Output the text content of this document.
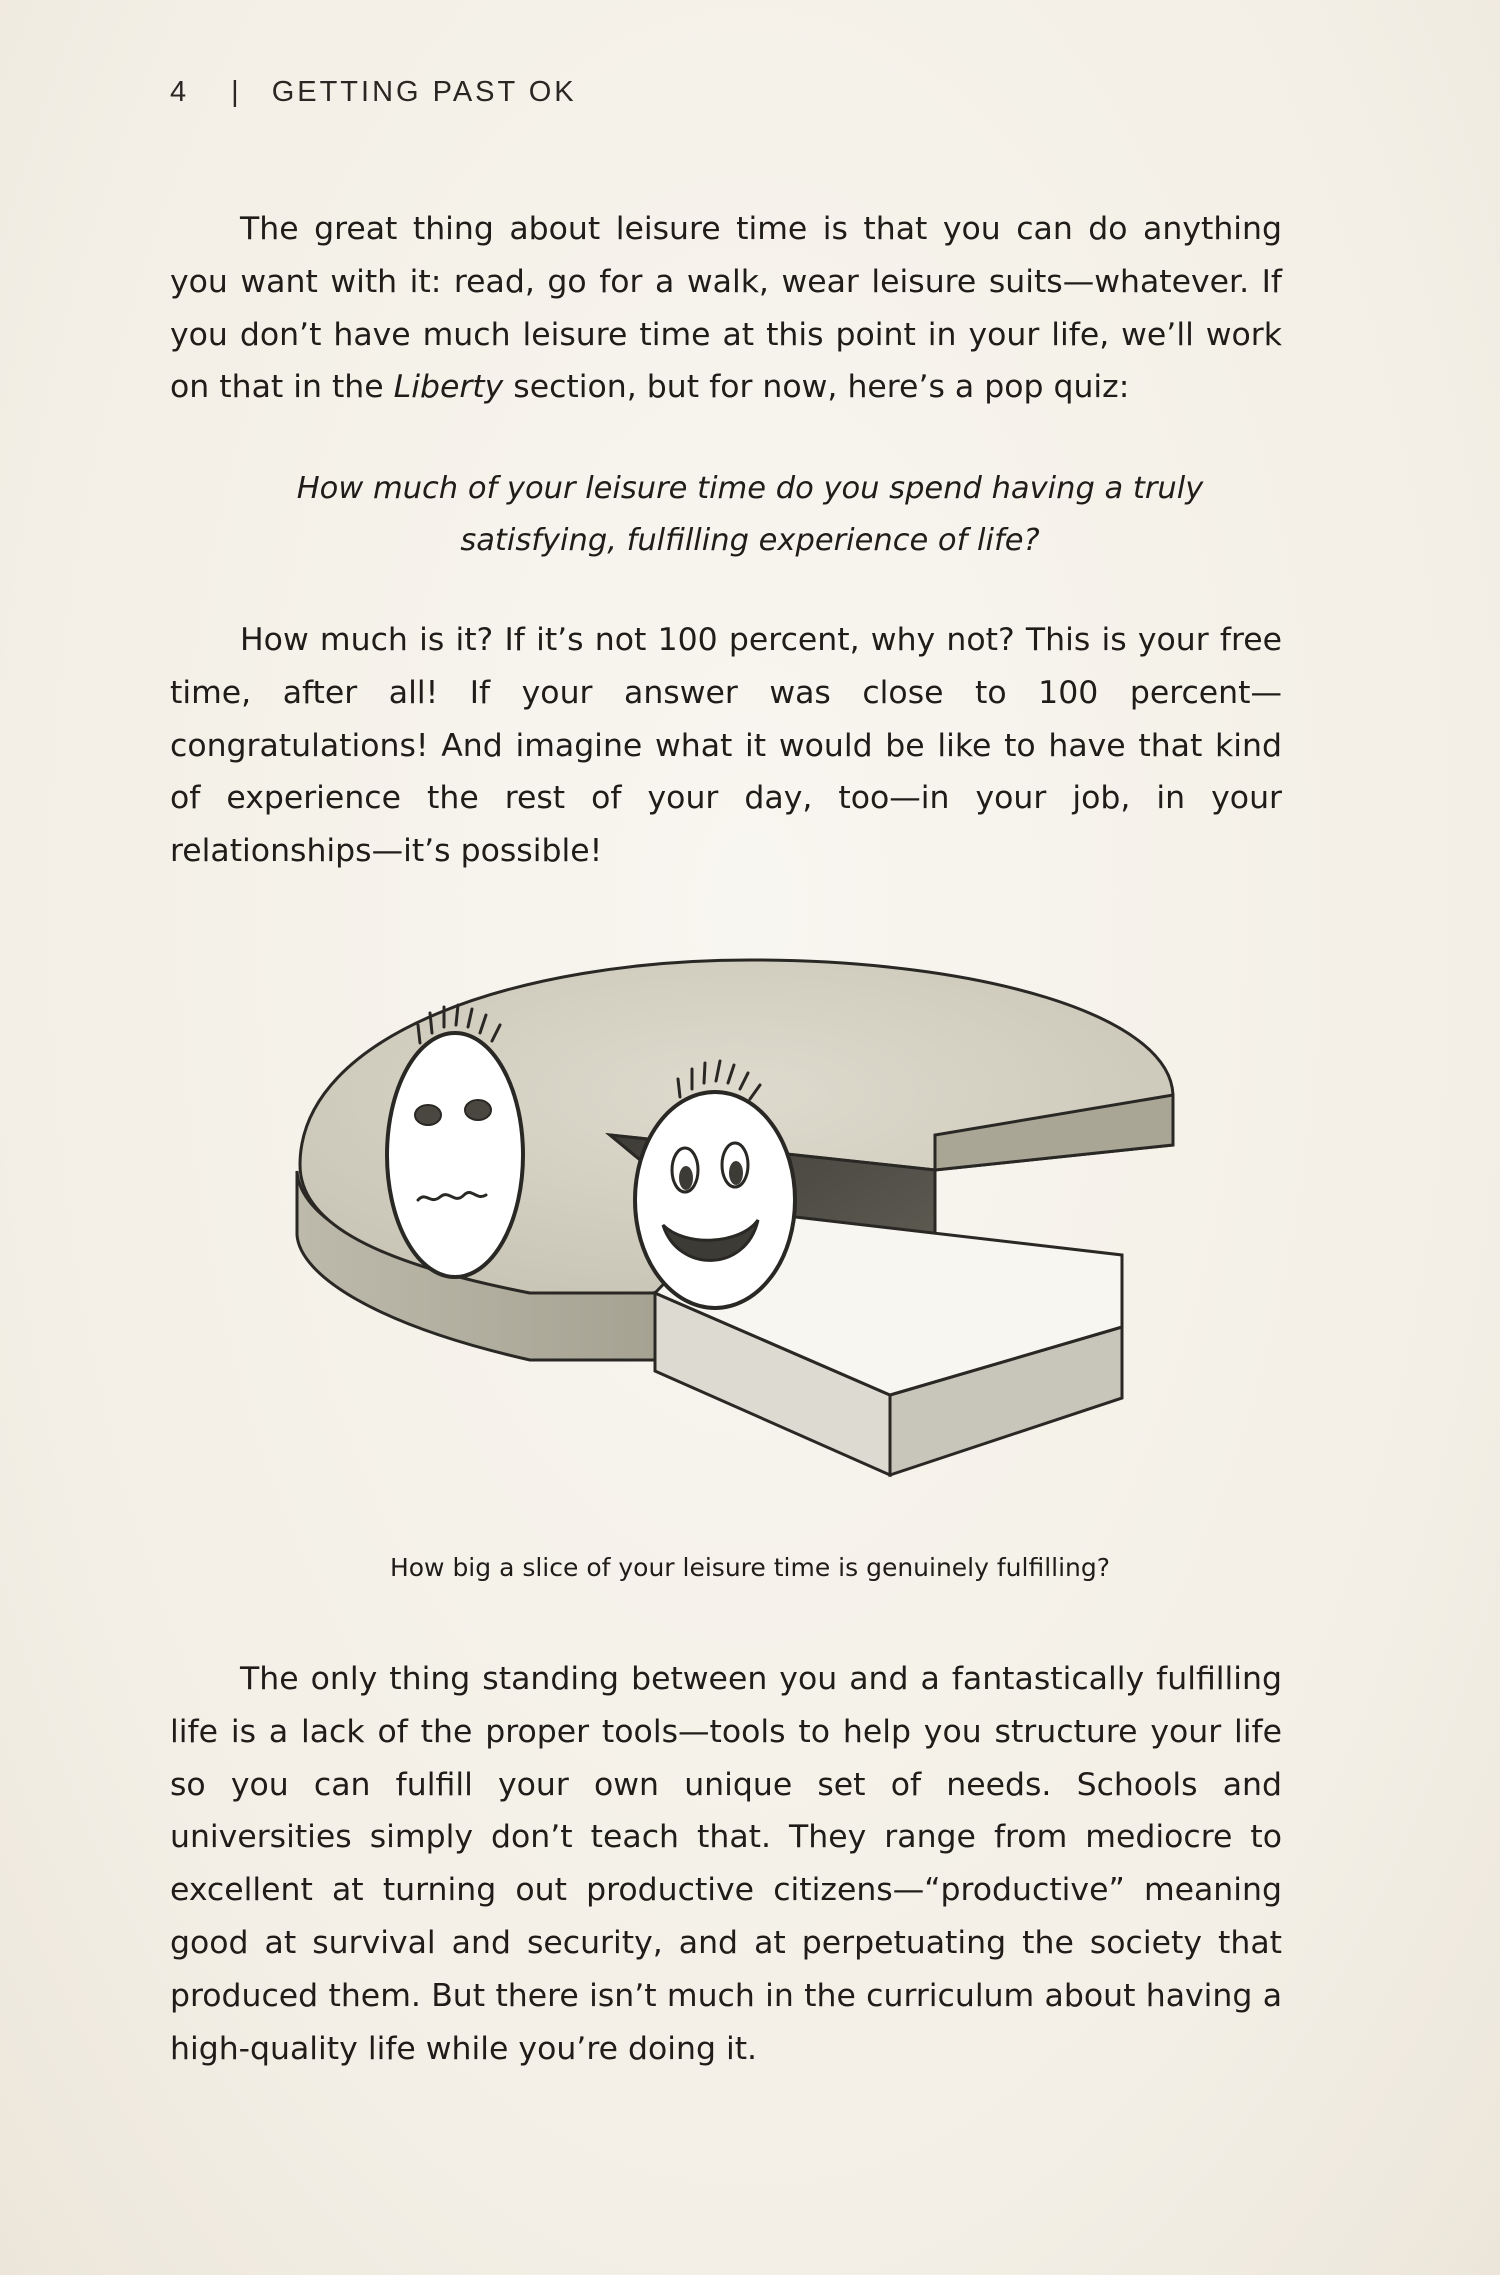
4 | GETTING PAST OK

The great thing about leisure time is that you can do anything you want with it: read, go for a walk, wear leisure suits—whatever. If you don’t have much leisure time at this point in your life, we’ll work on that in the Liberty section, but for now, here’s a pop quiz:

How much of your leisure time do you spend having a truly
satisfying, fulfilling experience of life?

How much is it? If it’s not 100 percent, why not? This is your free time, after all! If your answer was close to 100 percent—congratulations! And imagine what it would be like to have that kind of experience the rest of your day, too—in your job, in your relationships—it’s possible!

How big a slice of your leisure time is genuinely fulfilling?

The only thing standing between you and a fantastically fulfilling life is a lack of the proper tools—tools to help you structure your life so you can fulfill your own unique set of needs. Schools and universities simply don’t teach that. They range from mediocre to excellent at turning out productive citizens—“productive” meaning good at survival and security, and at perpetuating the society that produced them. But there isn’t much in the curriculum about having a high-quality life while you’re doing it.
